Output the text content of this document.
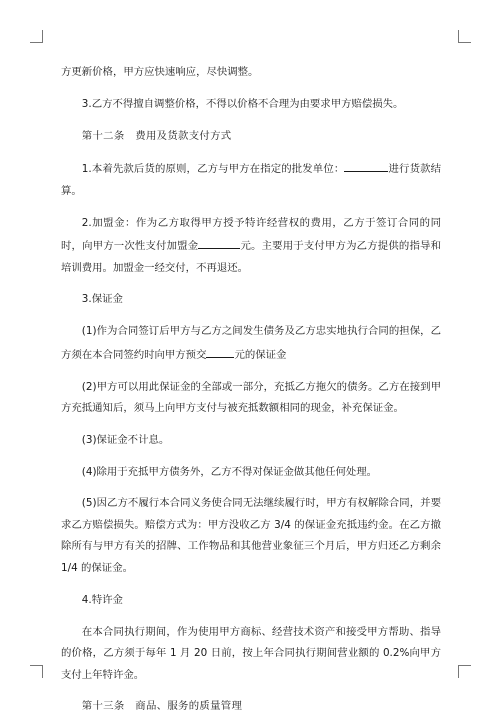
方更新价格，甲方应快速响应，尽快调整。

3.乙方不得擅自调整价格，不得以价格不合理为由要求甲方赔偿损失。

第十二条　费用及货款支付方式

1.本着先款后货的原则，乙方与甲方在指定的批发单位：	进行货款结算。

2.加盟金：作为乙方取得甲方授予特许经营权的费用，乙方于签订合同的同时，向甲方一次性支付加盟金	元。主要用于支付甲方为乙方提供的指导和培训费用。加盟金一经交付，不再退还。

3.保证金

(1)作为合同签订后甲方与乙方之间发生债务及乙方忠实地执行合同的担保，乙方须在本合同签约时向甲方预交	元的保证金

(2)甲方可以用此保证金的全部或一部分，充抵乙方拖欠的债务。乙方在接到甲方充抵通知后，须马上向甲方支付与被充抵数额相同的现金，补充保证金。

(3)保证金不计息。

(4)除用于充抵甲方债务外，乙方不得对保证金做其他任何处理。

(5)因乙方不履行本合同义务使合同无法继续履行时，甲方有权解除合同，并要求乙方赔偿损失。赔偿方式为：甲方没收乙方 3/4 的保证金充抵违约金。在乙方撤除所有与甲方有关的招牌、工作物品和其他营业象征三个月后，甲方归还乙方剩余 1/4 的保证金。

4.特许金

在本合同执行期间，作为使用甲方商标、经营技术资产和接受甲方帮助、指导的价格，乙方须于每年 1 月 20 日前，按上年合同执行期间营业额的 0.2%向甲方支付上年特许金。

第十三条　商品、服务的质量管理
